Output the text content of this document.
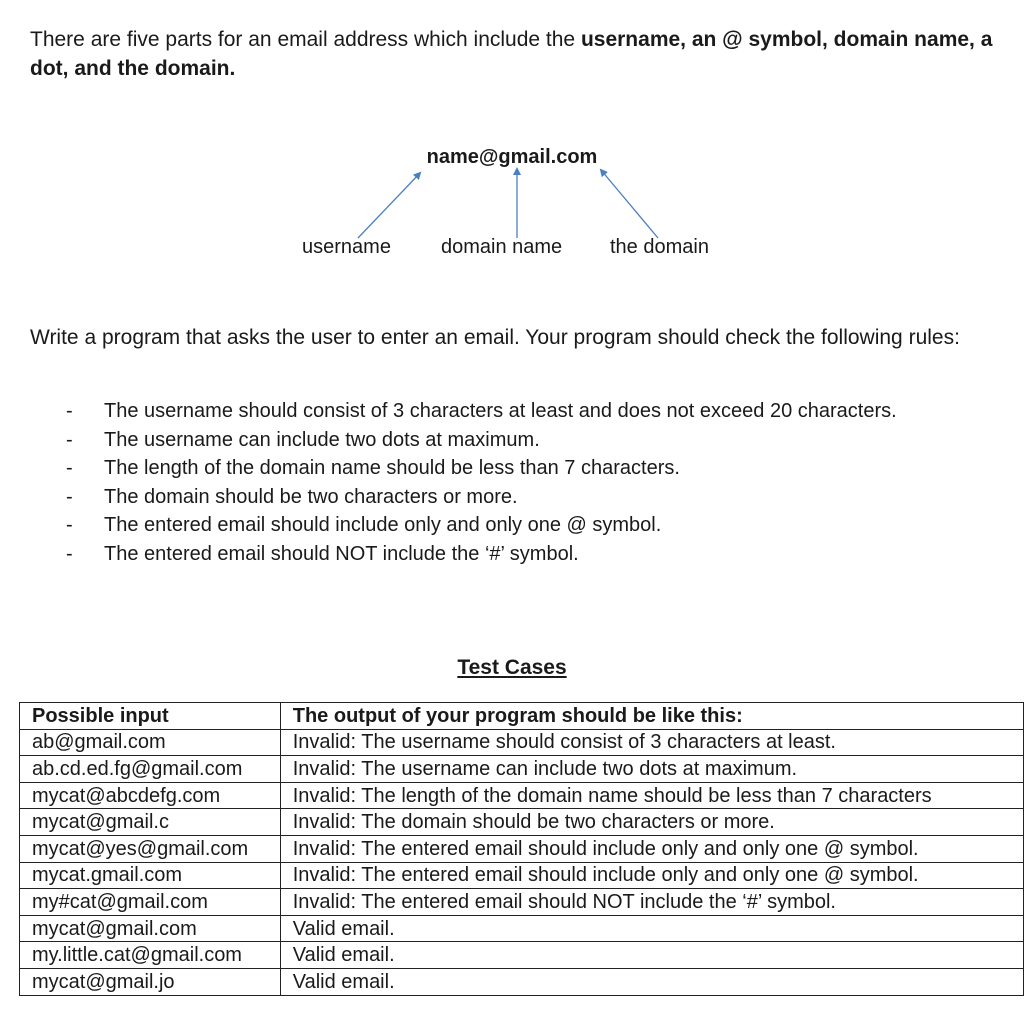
There are five parts for an email address which include the username, an @ symbol, domain name, a dot, and the domain.

name@gmail.com
username	domain name the domain

Write a program that asks the user to enter an email. Your program should check the following rules:

- The username should consist of 3 characters at least and does not exceed 20 characters.
- The username can include two dots at maximum.
- The length of the domain name should be less than 7 characters.
- The domain should be two characters or more.
- The entered email should include only and only one @ symbol.
- The entered email should NOT include the ‘#’ symbol.
Test Cases
Possible input	The output of your program should be like this:
ab@gmail.com	Invalid: The username should consist of 3 characters at least.
ab.cd.ed.fg@gmail.com	Invalid: The username can include two dots at maximum.
mycat@abcdefg.com	Invalid: The length of the domain name should be less than 7 characters
mycat@gmail.c	Invalid: The domain should be two characters or more.
mycat@yes@gmail.com	Invalid: The entered email should include only and only one @ symbol.
mycat.gmail.com	Invalid: The entered email should include only and only one @ symbol.
my#cat@gmail.com	Invalid: The entered email should NOT include the ‘#’ symbol.
mycat@gmail.com	Valid email.
my.little.cat@gmail.com	Valid email.
mycat@gmail.jo	Valid email.
